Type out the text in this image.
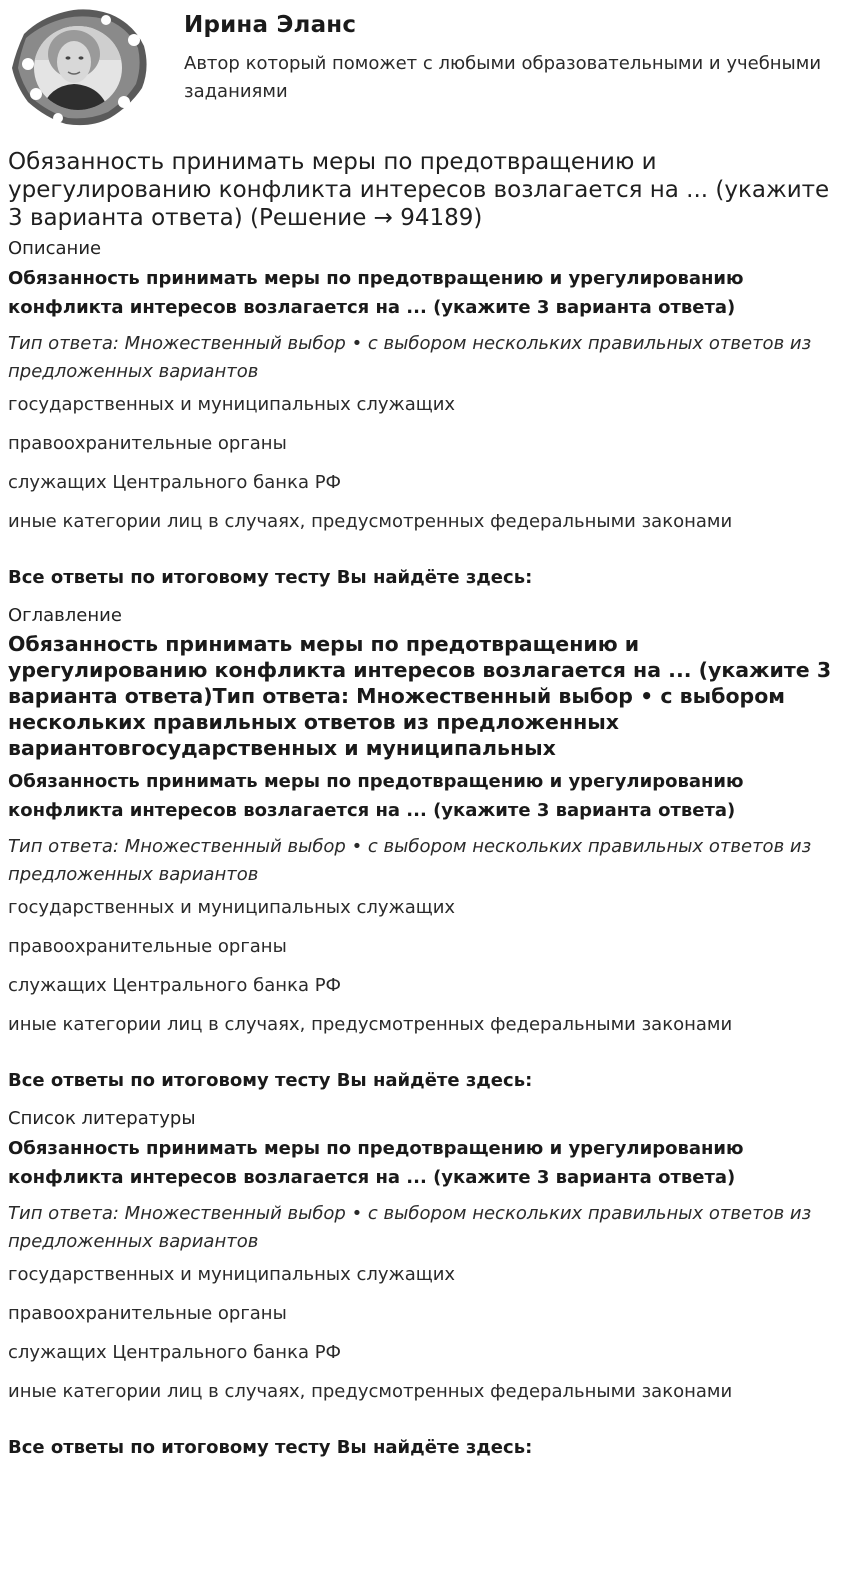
Ирина Эланс
Автор который поможет с любыми образовательными и учебными заданиями
Обязанность принимать меры по предотвращению и урегулированию конфликта интересов возлагается на ... (укажите 3 варианта ответа) (Решение → 94189)
Описание
Обязанность принимать меры по предотвращению и урегулированию конфликта интересов возлагается на ... (укажите 3 варианта ответа)
Тип ответа: Множественный выбор • с выбором нескольких правильных ответов из предложенных вариантов
государственных и муниципальных служащих
правоохранительные органы
служащих Центрального банка РФ
иные категории лиц в случаях, предусмотренных федеральными законами
Все ответы по итоговому тесту Вы найдёте здесь:
Оглавление
Обязанность принимать меры по предотвращению и урегулированию конфликта интересов возлагается на ... (укажите 3 варианта ответа)Тип ответа: Множественный выбор • с выбором нескольких правильных ответов из предложенных вариантовгосударственных и муниципальных
Обязанность принимать меры по предотвращению и урегулированию конфликта интересов возлагается на ... (укажите 3 варианта ответа)
Тип ответа: Множественный выбор • с выбором нескольких правильных ответов из предложенных вариантов
государственных и муниципальных служащих
правоохранительные органы
служащих Центрального банка РФ
иные категории лиц в случаях, предусмотренных федеральными законами
Все ответы по итоговому тесту Вы найдёте здесь:
Список литературы
Обязанность принимать меры по предотвращению и урегулированию конфликта интересов возлагается на ... (укажите 3 варианта ответа)
Тип ответа: Множественный выбор • с выбором нескольких правильных ответов из предложенных вариантов
государственных и муниципальных служащих
правоохранительные органы
служащих Центрального банка РФ
иные категории лиц в случаях, предусмотренных федеральными законами
Все ответы по итоговому тесту Вы найдёте здесь:
